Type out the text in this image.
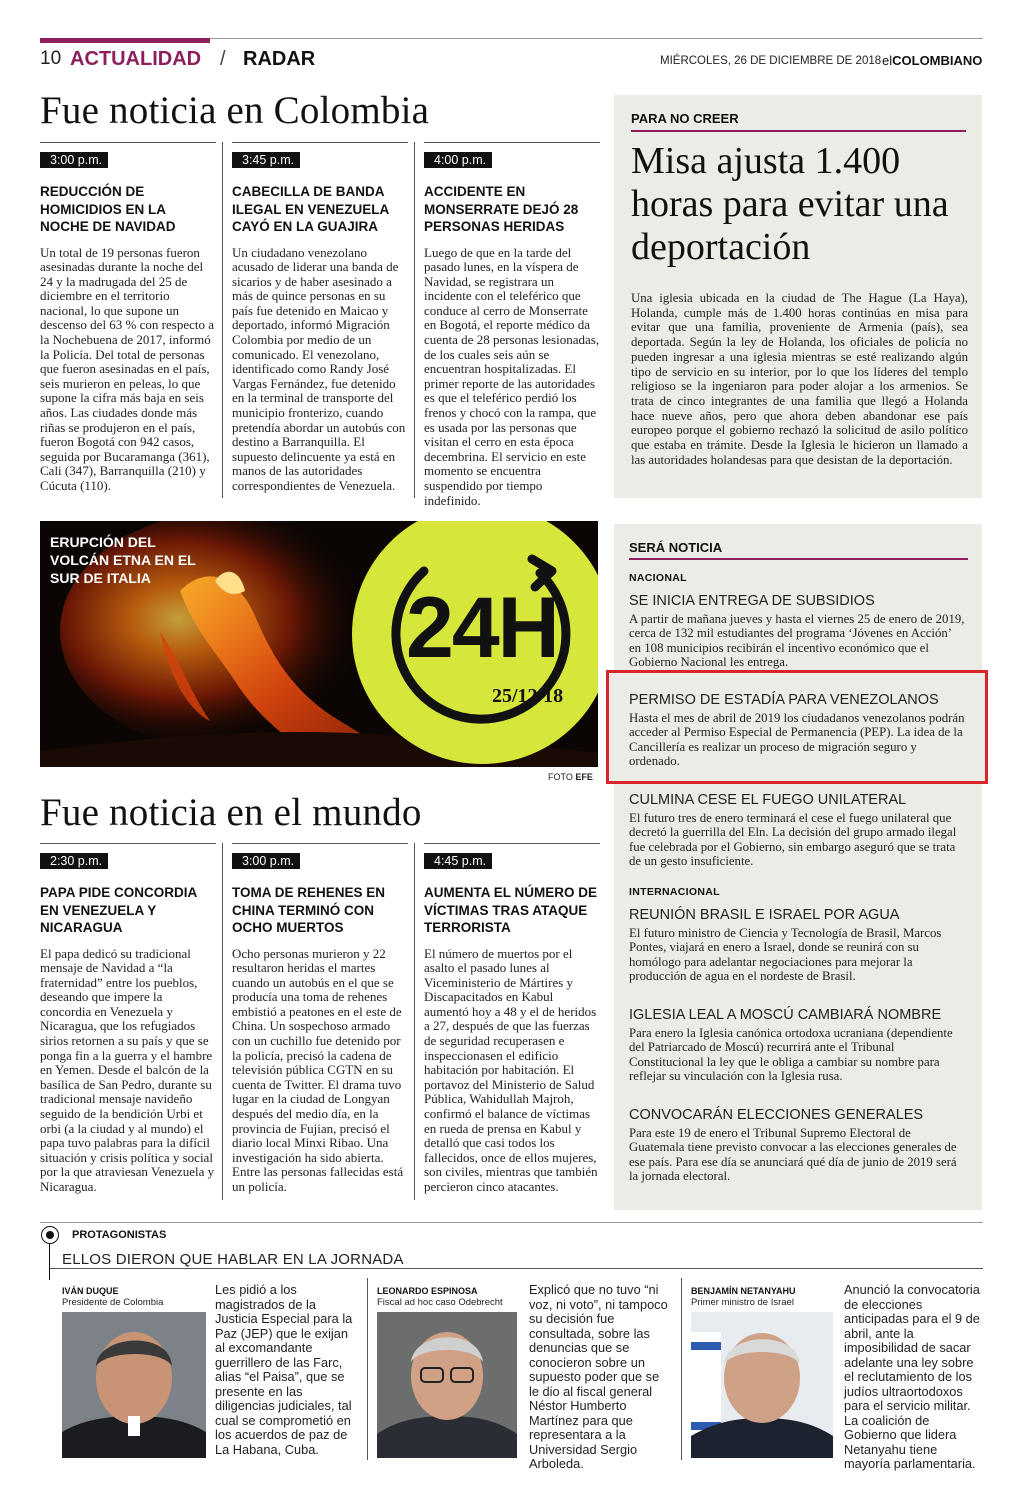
10 ACTUALIDAD / RADAR	MIÉRCOLES, 26 DE DICIEMBRE DE 2018 elCOLOMBIANO
Fue noticia en Colombia
3:00 p.m.
REDUCCIÓN DE HOMICIDIOS EN LA NOCHE DE NAVIDAD

Un total de 19 personas fueron asesinadas durante la noche del 24 y la madrugada del 25 de diciembre en el territorio nacional, lo que supone un descenso del 63 % con respecto a la Nochebuena de 2017, informó la Policía. Del total de personas que fueron asesinadas en el país, seis murieron en peleas, lo que supone la cifra más baja en seis años. Las ciudades donde más riñas se produjeron en el país, fueron Bogotá con 942 casos, seguida por Bucaramanga (361), Cali (347), Barranquilla (210) y Cúcuta (110).

3:45 p.m.
CABECILLA DE BANDA ILEGAL EN VENEZUELA CAYÓ EN LA GUAJIRA

Un ciudadano venezolano acusado de liderar una banda de sicarios y de haber asesinado a más de quince personas en su país fue detenido en Maicao y deportado, informó Migración Colombia por medio de un comunicado. El venezolano, identificado como Randy José Vargas Fernández, fue detenido en la terminal de transporte del municipio fronterizo, cuando pretendía abordar un autobús con destino a Barranquilla. El supuesto delincuente ya está en manos de las autoridades correspondientes de Venezuela.

4:00 p.m.
ACCIDENTE EN MONSERRATE DEJÓ 28 PERSONAS HERIDAS

Luego de que en la tarde del pasado lunes, en la víspera de Navidad, se registrara un incidente con el teleférico que conduce al cerro de Monserrate en Bogotá, el reporte médico da cuenta de 28 personas lesionadas, de los cuales seis aún se encuentran hospitalizadas. El primer reporte de las autoridades es que el teleférico perdió los frenos y chocó con la rampa, que es usada por las personas que visitan el cerro en esta época decembrina. El servicio en este momento se encuentra suspendido por tiempo indefinido.

PARA NO CREER
Misa ajusta 1.400 horas para evitar una deportación
Una iglesia ubicada en la ciudad de The Hague (La Haya), Holanda, cumple más de 1.400 horas continúas en misa para evitar que una familia, proveniente de Armenia (país), sea deportada. Según la ley de Holanda, los oficiales de policía no pueden ingresar a una iglesia mientras se esté realizando algún tipo de servicio en su interior, por lo que los líderes del templo religioso se la ingeniaron para poder alojar a los armenios. Se trata de cinco integrantes de una familia que llegó a Holanda hace nueve años, pero que ahora deben abandonar ese país europeo porque el gobierno rechazó la solicitud de asilo político que estaba en trámite. Desde la Iglesia le hicieron un llamado a las autoridades holandesas para que desistan de la deportación.
24H
25/12/18
ERUPCIÓN DEL VOLCÁN ETNA EN EL SUR DE ITALIA
FOTO EFE
SERÁ NOTICIA
NACIONAL
SE INICIA ENTREGA DE SUBSIDIOS
A partir de mañana jueves y hasta el viernes 25 de enero de 2019, cerca de 132 mil estudiantes del programa ‘Jóvenes en Acción’ en 108 municipios recibirán el incentivo económico que el Gobierno Nacional les entrega.
PERMISO DE ESTADÍA PARA VENEZOLANOS
Hasta el mes de abril de 2019 los ciudadanos venezolanos podrán acceder al Permiso Especial de Permanencia (PEP). La idea de la Cancillería es realizar un proceso de migración seguro y ordenado.
CULMINA CESE EL FUEGO UNILATERAL
El futuro tres de enero terminará el cese el fuego unilateral que decretó la guerrilla del Eln. La decisión del grupo armado ilegal fue celebrada por el Gobierno, sin embargo aseguró que se trata de un gesto insuficiente.
INTERNACIONAL
REUNIÓN BRASIL E ISRAEL POR AGUA
El futuro ministro de Ciencia y Tecnología de Brasil, Marcos Pontes, viajará en enero a Israel, donde se reunirá con su homólogo para adelantar negociaciones para mejorar la producción de agua en el nordeste de Brasil.
IGLESIA LEAL A MOSCÚ CAMBIARÁ NOMBRE
Para enero la Iglesia canónica ortodoxa ucraniana (dependiente del Patriarcado de Moscú) recurrirá ante el Tribunal Constitucional la ley que le obliga a cambiar su nombre para reflejar su vinculación con la Iglesia rusa.
CONVOCARÁN ELECCIONES GENERALES
Para este 19 de enero el Tribunal Supremo Electoral de Guatemala tiene previsto convocar a las elecciones generales de ese país. Para ese día se anunciará qué día de junio de 2019 será la jornada electoral.
Fue noticia en el mundo
2:30 p.m.
PAPA PIDE CONCORDIA EN VENEZUELA Y NICARAGUA

El papa dedicó su tradicional mensaje de Navidad a “la fraternidad” entre los pueblos, deseando que impere la concordia en Venezuela y Nicaragua, que los refugiados sirios retornen a su país y que se ponga fin a la guerra y el hambre en Yemen. Desde el balcón de la basílica de San Pedro, durante su tradicional mensaje navideño seguido de la bendición Urbi et orbi (a la ciudad y al mundo) el papa tuvo palabras para la difícil situación y crisis política y social por la que atraviesan Venezuela y Nicaragua.

3:00 p.m.
TOMA DE REHENES EN CHINA TERMINÓ CON OCHO MUERTOS

Ocho personas murieron y 22 resultaron heridas el martes cuando un autobús en el que se producía una toma de rehenes embistió a peatones en el este de China. Un sospechoso armado con un cuchillo fue detenido por la policía, precisó la cadena de televisión pública CGTN en su cuenta de Twitter. El drama tuvo lugar en la ciudad de Longyan después del medio día, en la provincia de Fujian, precisó el diario local Minxi Ribao. Una investigación ha sido abierta. Entre las personas fallecidas está un policía.

4:45 p.m.
AUMENTA EL NÚMERO DE VÍCTIMAS TRAS ATAQUE TERRORISTA

El número de muertos por el asalto el pasado lunes al Viceministerio de Mártires y Discapacitados en Kabul aumentó hoy a 48 y el de heridos a 27, después de que las fuerzas de seguridad recuperasen e inspeccionasen el edificio habitación por habitación. El portavoz del Ministerio de Salud Pública, Wahidullah Majroh, confirmó el balance de víctimas en rueda de prensa en Kabul y detalló que casi todos los fallecidos, once de ellos mujeres, son civiles, mientras que también percieron cinco atacantes.

PROTAGONISTAS
ELLOS DIERON QUE HABLAR EN LA JORNADA
IVÁN DUQUE
Presidente de Colombia
Les pidió a los magistrados de la Justicia Especial para la Paz (JEP) que le exijan al excomandante guerrillero de las Farc, alias “el Paisa”, que se presente en las diligencias judiciales, tal cual se comprometió en los acuerdos de paz de La Habana, Cuba.
LEONARDO ESPINOSA
Fiscal ad hoc caso Odebrecht
Explicó que no tuvo “ni voz, ni voto”, ni tampoco su decisión fue consultada, sobre las denuncias que se conocieron sobre un supuesto poder que se le dio al fiscal general Néstor Humberto Martínez para que representara a la Universidad Sergio Arboleda.
BENJAMÍN NETANYAHU
Primer ministro de Israel
Anunció la convocatoria de elecciones anticipadas para el 9 de abril, ante la imposibilidad de sacar adelante una ley sobre el reclutamiento de los judíos ultraortodoxos para el servicio militar. La coalición de Gobierno que lidera Netanyahu tiene mayoría parlamentaria.
